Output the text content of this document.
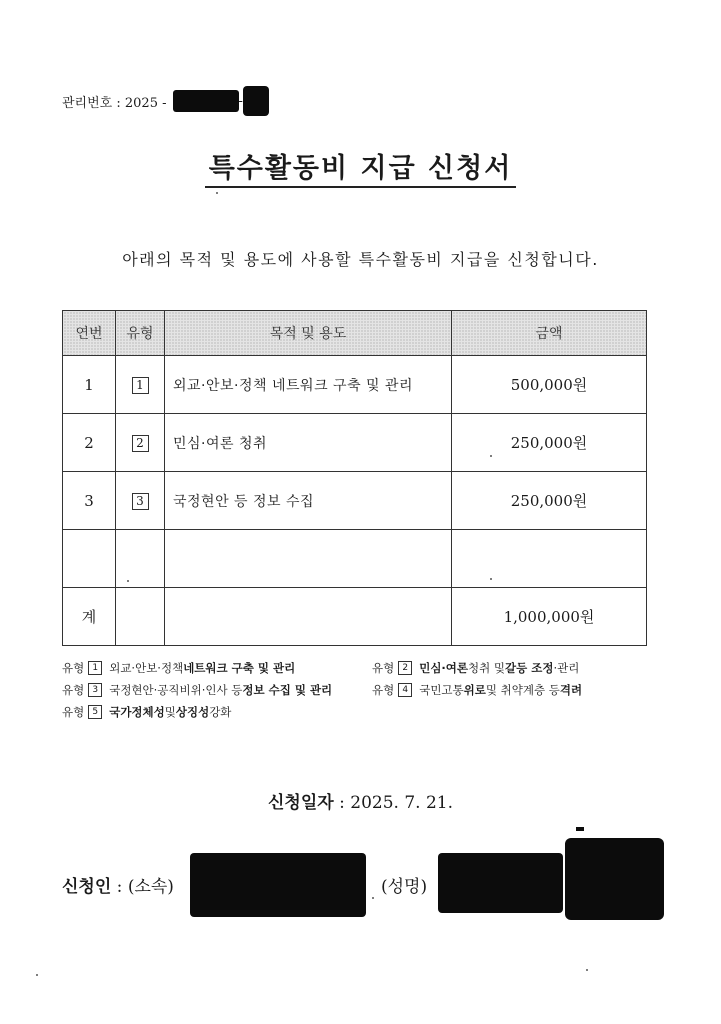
관리번호 : 2025 -	-
특수활동비 지급 신청서
아래의 목적 및 용도에 사용할 특수활동비 지급을 신청합니다.
연번	유형	목적 및 용도	금액
1	1	외교·안보·정책 네트워크 구축 및 관리	500,000원
2	2	민심·여론 청취	250,000원
3	3	국정현안 등 정보 수집	250,000원

계			1,000,000원
유형 1 외교·안보·정책 네트워크 구축 및 관리	유형 2 민심·여론 청취 및 갈등 조정 ·관리
유형 3 국정현안·공직비위·인사 등 정보 수집 및 관리	유형 4 국민고통 위로 및 취약계층 등 격려
유형 5 국가정체성 및 상징성 강화
신청일자 : 2025. 7. 21.
신청인 : (소속)	(성명)
